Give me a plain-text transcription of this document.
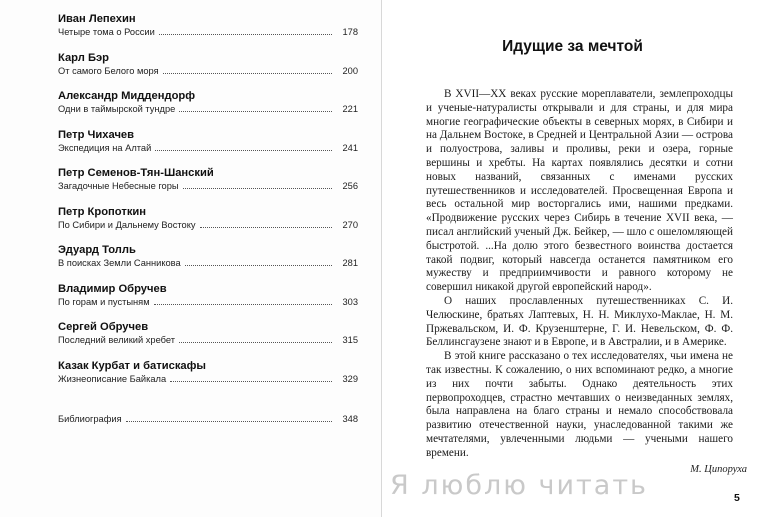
Иван Лепехин
Четыре тома о России	178
Карл Бэр
От самого Белого моря	200
Александр Миддендорф
Одни в таймырской тундре	221
Петр Чихачев
Экспедиция на Алтай	241
Петр Семенов-Тян-Шанский
Загадочные Небесные горы	256
Петр Кропоткин
По Сибири и Дальнему Востоку	270
Эдуард Толль
В поисках Земли Санникова	281
Владимир Обручев
По горам и пустыням	303
Сергей Обручев
Последний великий хребет	315
Казак Курбат и батискафы
Жизнеописание Байкала	329
Библиография	348
Идущие за мечтой

В XVII—XX веках русские мореплаватели, землепроходцы и ученые-натуралисты открывали и для страны, и для мира многие географические объекты в северных морях, в Сибири и на Дальнем Востоке, в Средней и Центральной Азии — острова и полуострова, заливы и проливы, реки и озера, горные вершины и хребты. На картах появлялись десятки и сотни новых названий, связанных с именами русских путешественников и исследователей. Просвещенная Европа и весь остальной мир восторгались ими, нашими предками. «Продвижение русских через Сибирь в течение XVII века, — писал английский ученый Дж. Бейкер, — шло с ошеломляющей быстротой. ...На долю этого безвестного воинства достается такой подвиг, который навсегда останется памятником его мужеству и предприимчивости и равного которому не совершил никакой другой европейский народ».

О наших прославленных путешественниках С. И. Челюскине, братьях Лаптевых, Н. Н. Миклухо-Маклае, Н. М. Пржевальском, И. Ф. Крузенштерне, Г. И. Невельском, Ф. Ф. Беллинсгаузене знают и в Европе, и в Австралии, и в Америке.

В этой книге рассказано о тех исследователях, чьи имена не так известны. К сожалению, о них вспоминают редко, а многие из них почти забыты. Однако деятельность этих первопроходцев, страстно мечтавших о неизведанных землях, была направлена на благо страны и немало способствовала развитию отечественной науки, унаследованной такими же мечтателями, увлеченными людьми — учеными нашего времени.

М. Ципоруха
Я люблю читать	5
